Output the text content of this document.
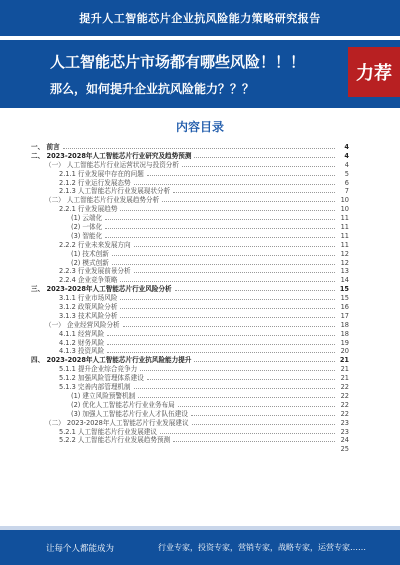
提升人工智能芯片企业抗风险能力策略研究报告
人工智能芯片市场都有哪些风险！！！
那么，如何提升企业抗风险能力？？？
力荐
内容目录
一、 前言	4
二、 2023-2028年人工智能芯片行业研究及趋势预测	4
（一） 人工智能芯片行业运营状况与投资分析	4
2.1.1 行业发展中存在的问题	5
2.1.2 行业运行发展态势	6
2.1.3 人工智能芯片行业发展现状分析	7
（二） 人工智能芯片行业发展趋势分析	10
2.2.1 行业发展趋势	10
(1) 云端化	11
(2) 一体化	11
(3) 智能化	11
2.2.2 行业未来发展方向	11
(1) 技术创新	12
(2) 模式创新	12
2.2.3 行业发展前景分析	13
2.2.4 企业竞争策略	14
三、 2023-2028年人工智能芯片行业风险分析	15
3.1.1 行业市场风险	15
3.1.2 政策风险分析	16
3.1.3 技术风险分析	17
（一） 企业经营风险分析	18
4.1.1 经营风险	18
4.1.2 财务风险	19
4.1.3 投资风险	20
四、 2023-2028年人工智能芯片行业抗风险能力提升	21
5.1.1 提升企业综合竞争力	21
5.1.2 加强风险管理体系建设	21
5.1.3 完善内部管理机制	22
(1) 建立风险预警机制	22
(2) 优化人工智能芯片行业业务布局	22
(3) 加强人工智能芯片行业人才队伍建设	22
（二） 2023-2028年人工智能芯片行业发展建议	23
5.2.1 人工智能芯片行业发展建议	23
5.2.2 人工智能芯片行业发展趋势预测	24
25
让每个人都能成为	行业专家，投资专家，营销专家，战略专家，运营专家……
